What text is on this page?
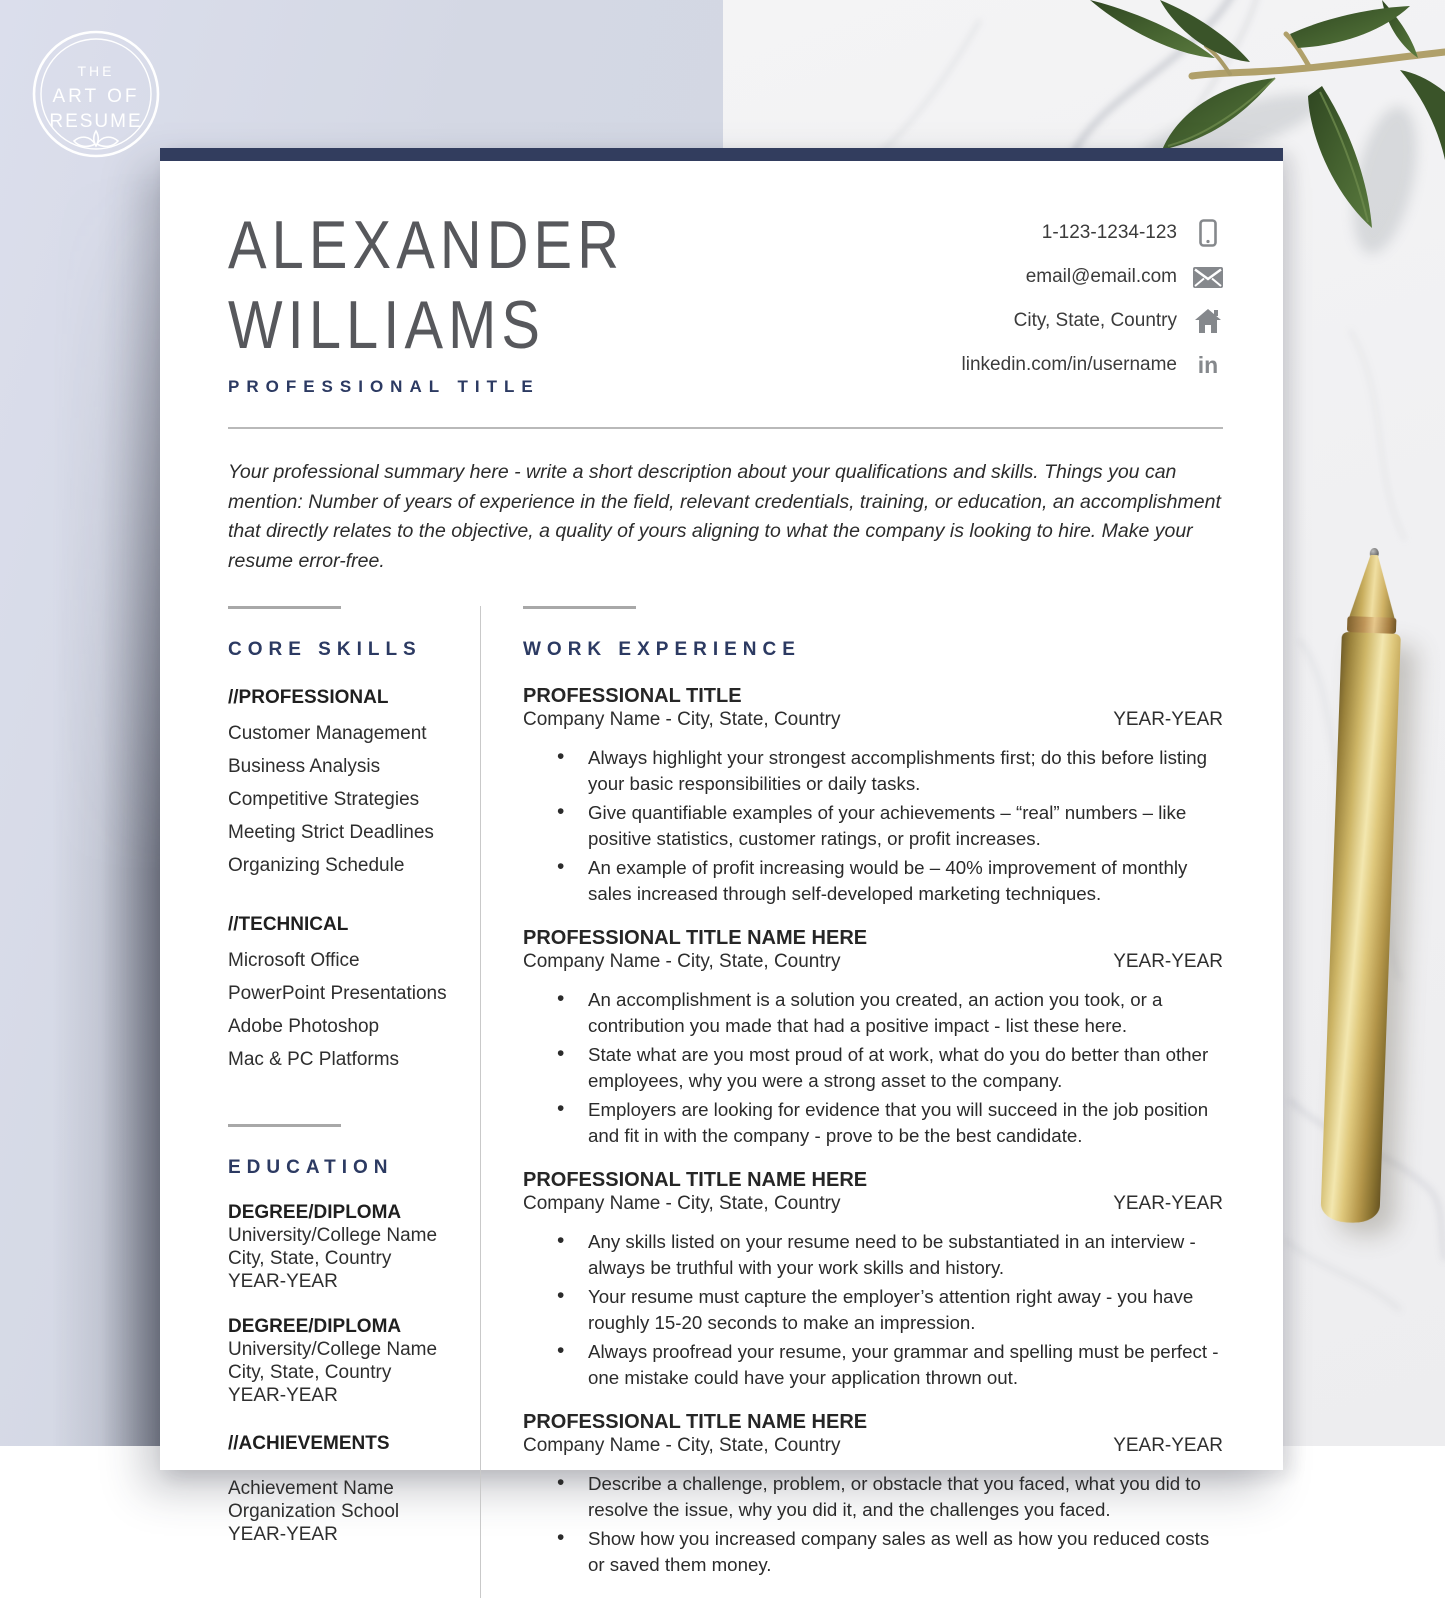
ALEXANDER
WILLIAMS
PROFESSIONAL TITLE
1-123-1234-123
email@email.com
City, State, Country
linkedin.com/in/username in

Your professional summary here - write a short description about your qualifications and skills. Things you can mention: Number of years of experience in the field, relevant credentials, training, or education, an accomplishment that directly relates to the objective, a quality of yours aligning to what the company is looking to hire. Make your resume error-free.

CORE SKILLS
//PROFESSIONAL
Customer Management
Business Analysis
Competitive Strategies
Meeting Strict Deadlines
Organizing Schedule
//TECHNICAL
Microsoft Office
PowerPoint Presentations
Adobe Photoshop
Mac & PC Platforms
EDUCATION
DEGREE/DIPLOMA

University/College Name

City, State, Country

YEAR-YEAR

DEGREE/DIPLOMA

University/College Name

City, State, Country

YEAR-YEAR

//ACHIEVEMENTS

Achievement Name

Organization School

YEAR-YEAR

WORK EXPERIENCE
PROFESSIONAL TITLE
Company Name - City, State, Country	YEAR-YEAR
• Always highlight your strongest accomplishments first; do this before listing your basic responsibilities or daily tasks.
• Give quantifiable examples of your achievements – “real” numbers – like positive statistics, customer ratings, or profit increases.
• An example of profit increasing would be – 40% improvement of monthly sales increased through self-developed marketing techniques.
PROFESSIONAL TITLE NAME HERE
Company Name - City, State, Country	YEAR-YEAR
• An accomplishment is a solution you created, an action you took, or a contribution you made that had a positive impact - list these here.
• State what are you most proud of at work, what do you do better than other employees, why you were a strong asset to the company.
• Employers are looking for evidence that you will succeed in the job position and fit in with the company - prove to be the best candidate.
PROFESSIONAL TITLE NAME HERE
Company Name - City, State, Country	YEAR-YEAR
• Any skills listed on your resume need to be substantiated in an interview - always be truthful with your work skills and history.
• Your resume must capture the employer’s attention right away - you have roughly 15-20 seconds to make an impression.
• Always proofread your resume, your grammar and spelling must be perfect - one mistake could have your application thrown out.
PROFESSIONAL TITLE NAME HERE
Company Name - City, State, Country	YEAR-YEAR
• Describe a challenge, problem, or obstacle that you faced, what you did to resolve the issue, why you did it, and the challenges you faced.
• Show how you increased company sales as well as how you reduced costs or saved them money.
THE
ART OF
RESUME
